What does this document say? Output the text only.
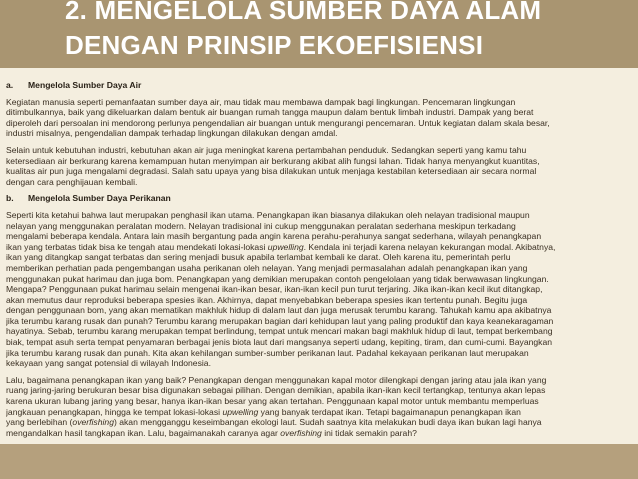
2. MENGELOLA SUMBER DAYA ALAM
DENGAN PRINSIP EKOEFISIENSI
a. Mengelola Sumber Daya Air
Kegiatan manusia seperti pemanfaatan sumber daya air, mau tidak mau membawa dampak bagi lingkungan. Pencemaran lingkungan
ditimbulkannya, baik yang dikeluarkan dalam bentuk air buangan rumah tangga maupun dalam bentuk limbah industri. Dampak yang berat
diperoleh dari persoalan ini mendorong perlunya pengendalian air buangan untuk mengurangi pencemaran. Untuk kegiatan dalam skala besar,
industri misalnya, pengendalian dampak terhadap lingkungan dilakukan dengan amdal.
Selain untuk kebutuhan industri, kebutuhan akan air juga meningkat karena pertambahan penduduk. Sedangkan seperti yang kamu tahu
ketersediaan air berkurang karena kemampuan hutan menyimpan air berkurang akibat alih fungsi lahan. Tidak hanya menyangkut kuantitas,
kualitas air pun juga mengalami degradasi. Salah satu upaya yang bisa dilakukan untuk menjaga kestabilan ketersediaan air secara normal
dengan cara penghijauan kembali.
b. Mengelola Sumber Daya Perikanan
Seperti kita ketahui bahwa laut merupakan penghasil ikan utama. Penangkapan ikan biasanya dilakukan oleh nelayan tradisional maupun
nelayan yang menggunakan peralatan modern. Nelayan tradisional ini cukup menggunakan peralatan sederhana meskipun terkadang
mengalami beberapa kendala. Antara lain masih bergantung pada angin karena perahu-perahunya sangat sederhana, wilayah penangkapan
ikan yang terbatas tidak bisa ke tengah atau mendekati lokasi-lokasi upwelling. Kendala ini terjadi karena nelayan kekurangan modal. Akibatnya,
ikan yang ditangkap sangat terbatas dan sering menjadi busuk apabila terlambat kembali ke darat. Oleh karena itu, pemerintah perlu
memberikan perhatian pada pengembangan usaha perikanan oleh nelayan. Yang menjadi permasalahan adalah penangkapan ikan yang
menggunakan pukat harimau dan juga bom. Penangkapan yang demikian merupakan contoh pengelolaan yang tidak berwawasan lingkungan.
Mengapa? Penggunaan pukat harimau selain mengenai ikan-ikan besar, ikan-ikan kecil pun turut terjaring. Jika ikan-ikan kecil ikut ditangkap,
akan memutus daur reproduksi beberapa spesies ikan. Akhirnya, dapat menyebabkan beberapa spesies ikan tertentu punah. Begitu juga
dengan penggunaan bom, yang akan mematikan makhluk hidup di dalam laut dan juga merusak terumbu karang. Tahukah kamu apa akibatnya
jika terumbu karang rusak dan punah? Terumbu karang merupakan bagian dari kehidupan laut yang paling produktif dan kaya keanekaragaman
hayatinya. Sebab, terumbu karang merupakan tempat berlindung, tempat untuk mencari makan bagi makhluk hidup di laut, tempat berkembang
biak, tempat asuh serta tempat penyamaran berbagai jenis biota laut dari mangsanya seperti udang, kepiting, tiram, dan cumi-cumi. Bayangkan
jika terumbu karang rusak dan punah. Kita akan kehilangan sumber-sumber perikanan laut. Padahal kekayaan perikanan laut merupakan
kekayaan yang sangat potensial di wilayah Indonesia.
Lalu, bagaimana penangkapan ikan yang baik? Penangkapan dengan menggunakan kapal motor dilengkapi dengan jaring atau jala ikan yang
ruang jaring-jaring berukuran besar bisa digunakan sebagai pilihan. Dengan demikian, apabila ikan-ikan kecil tertangkap, tentunya akan lepas
karena ukuran lubang jaring yang besar, hanya ikan-ikan besar yang akan tertahan. Penggunaan kapal motor untuk membantu memperluas
jangkauan penangkapan, hingga ke tempat lokasi-lokasi upwelling yang banyak terdapat ikan. Tetapi bagaimanapun penangkapan ikan
yang berlebihan (overfishing) akan mengganggu keseimbangan ekologi laut. Sudah saatnya kita melakukan budi daya ikan bukan lagi hanya
mengandalkan hasil tangkapan ikan. Lalu, bagaimanakah caranya agar overfishing ini tidak semakin parah?
